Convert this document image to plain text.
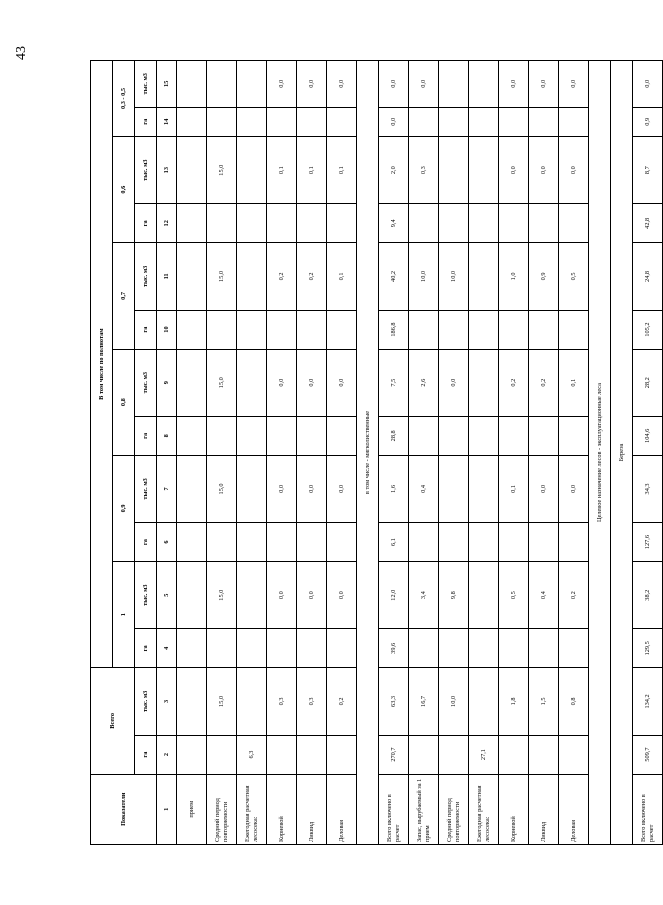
43
Показатели	Всего		В том числе по полнотам											
			1		0,9		0,8		0,7		0,6		0,3 - 0,5	
	га	тыс. м3	га	тыс. м3	га	тыс. м3	га	тыс. м3	га	тыс. м3	га	тыс. м3	га	тыс. м3
1	2	3	4	5	6	7	8	9	10	11	12	13	14	15
прием														
Средний период повторяемости		15,0		15,0		15,0		15,0		15,0		15,0		
Ежегодная расчетная лесосека:	6,3													
Корневой		0,3		0,0		0,0		0,0		0,2		0,1		0,0
Ликвид		0,3		0,0		0,0		0,0		0,2		0,1		0,0
Деловая		0,2		0,0		0,0		0,0		0,1		0,1		0,0
в том числе - мягколиственные														
Всего включено в расчет	270,7	63,3	39,6	12,0	6,1	1,6	28,8	7,5	186,8	40,2	9,4	2,0	0,0	0,0
Запас, вырубаемый за 1 прием		16,7		3,4		0,4		2,6		10,0		0,3		0,0
Средний период повторяемости		10,0		9,8				0,0		10,0				
Ежегодная расчетная лесосека:	27,1													
Корневой		1,8		0,5		0,1		0,2		1,0		0,0		0,0
Ликвид		1,5		0,4		0,0		0,2		0,9		0,0		0,0
Деловая		0,8		0,2		0,0		0,1		0,5		0,0		0,0
Целевое назначение лесов - эксплуатационные леса														
Береза														
Всего включено в расчет	509,7	134,2	129,5	38,2	127,6	34,3	104,6	28,2	105,2	24,8	42,8	8,7	0,9	0,0
